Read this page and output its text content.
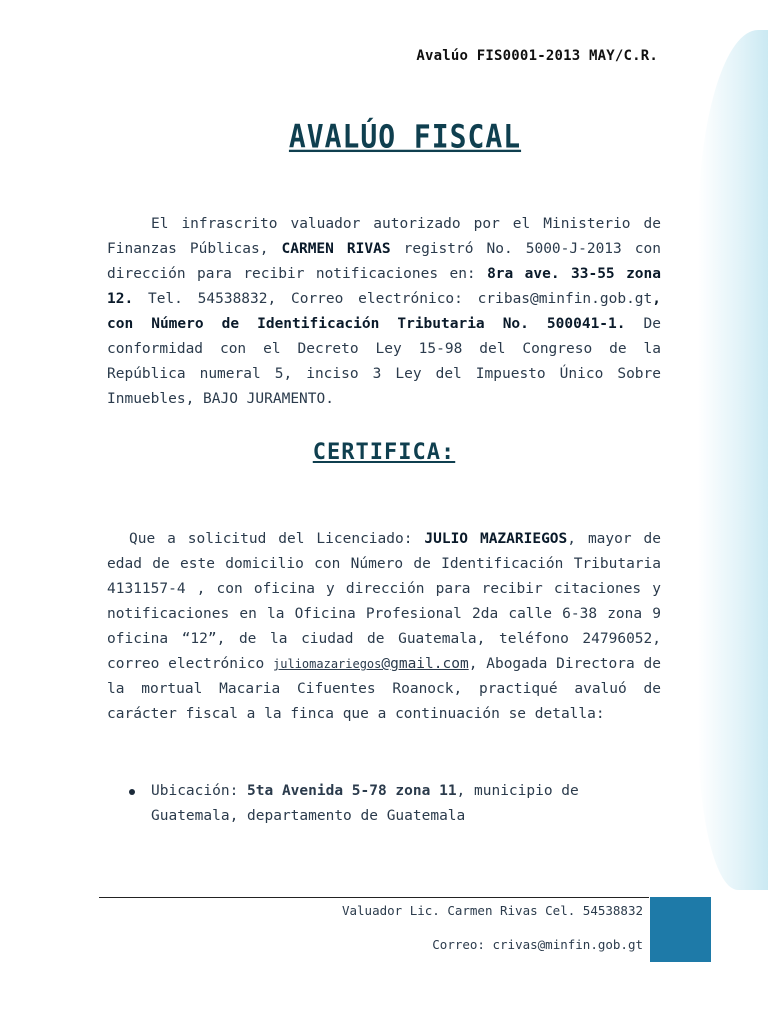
Avalúo FIS0001-2013 MAY/C.R.
AVALÚO FISCAL
El infrascrito valuador autorizado por el Ministerio de Finanzas Públicas, CARMEN RIVAS registró No. 5000-J-2013 con dirección para recibir notificaciones en: 8ra ave. 33-55 zona 12. Tel. 54538832, Correo electrónico: cribas@minfin.gob.gt, con Número de Identificación Tributaria No. 500041-1. De conformidad con el Decreto Ley 15-98 del Congreso de la República numeral 5, inciso 3 Ley del Impuesto Único Sobre Inmuebles, BAJO JURAMENTO.
CERTIFICA:
Que a solicitud del Licenciado: JULIO MAZARIEGOS, mayor de edad de este domicilio con Número de Identificación Tributaria 4131157-4 , con oficina y dirección para recibir citaciones y notificaciones en la Oficina Profesional 2da calle 6-38 zona 9 oficina “12”, de la ciudad de Guatemala, teléfono 24796052, correo electrónico juliomazariegos@gmail.com, Abogada Directora de la mortual Macaria Cifuentes Roanock, practiqué avaluó de carácter fiscal a la finca que a continuación se detalla:
Ubicación: 5ta Avenida 5-78 zona 11, municipio de Guatemala, departamento de Guatemala
Valuador Lic. Carmen Rivas Cel. 54538832
Correo: crivas@minfin.gob.gt
